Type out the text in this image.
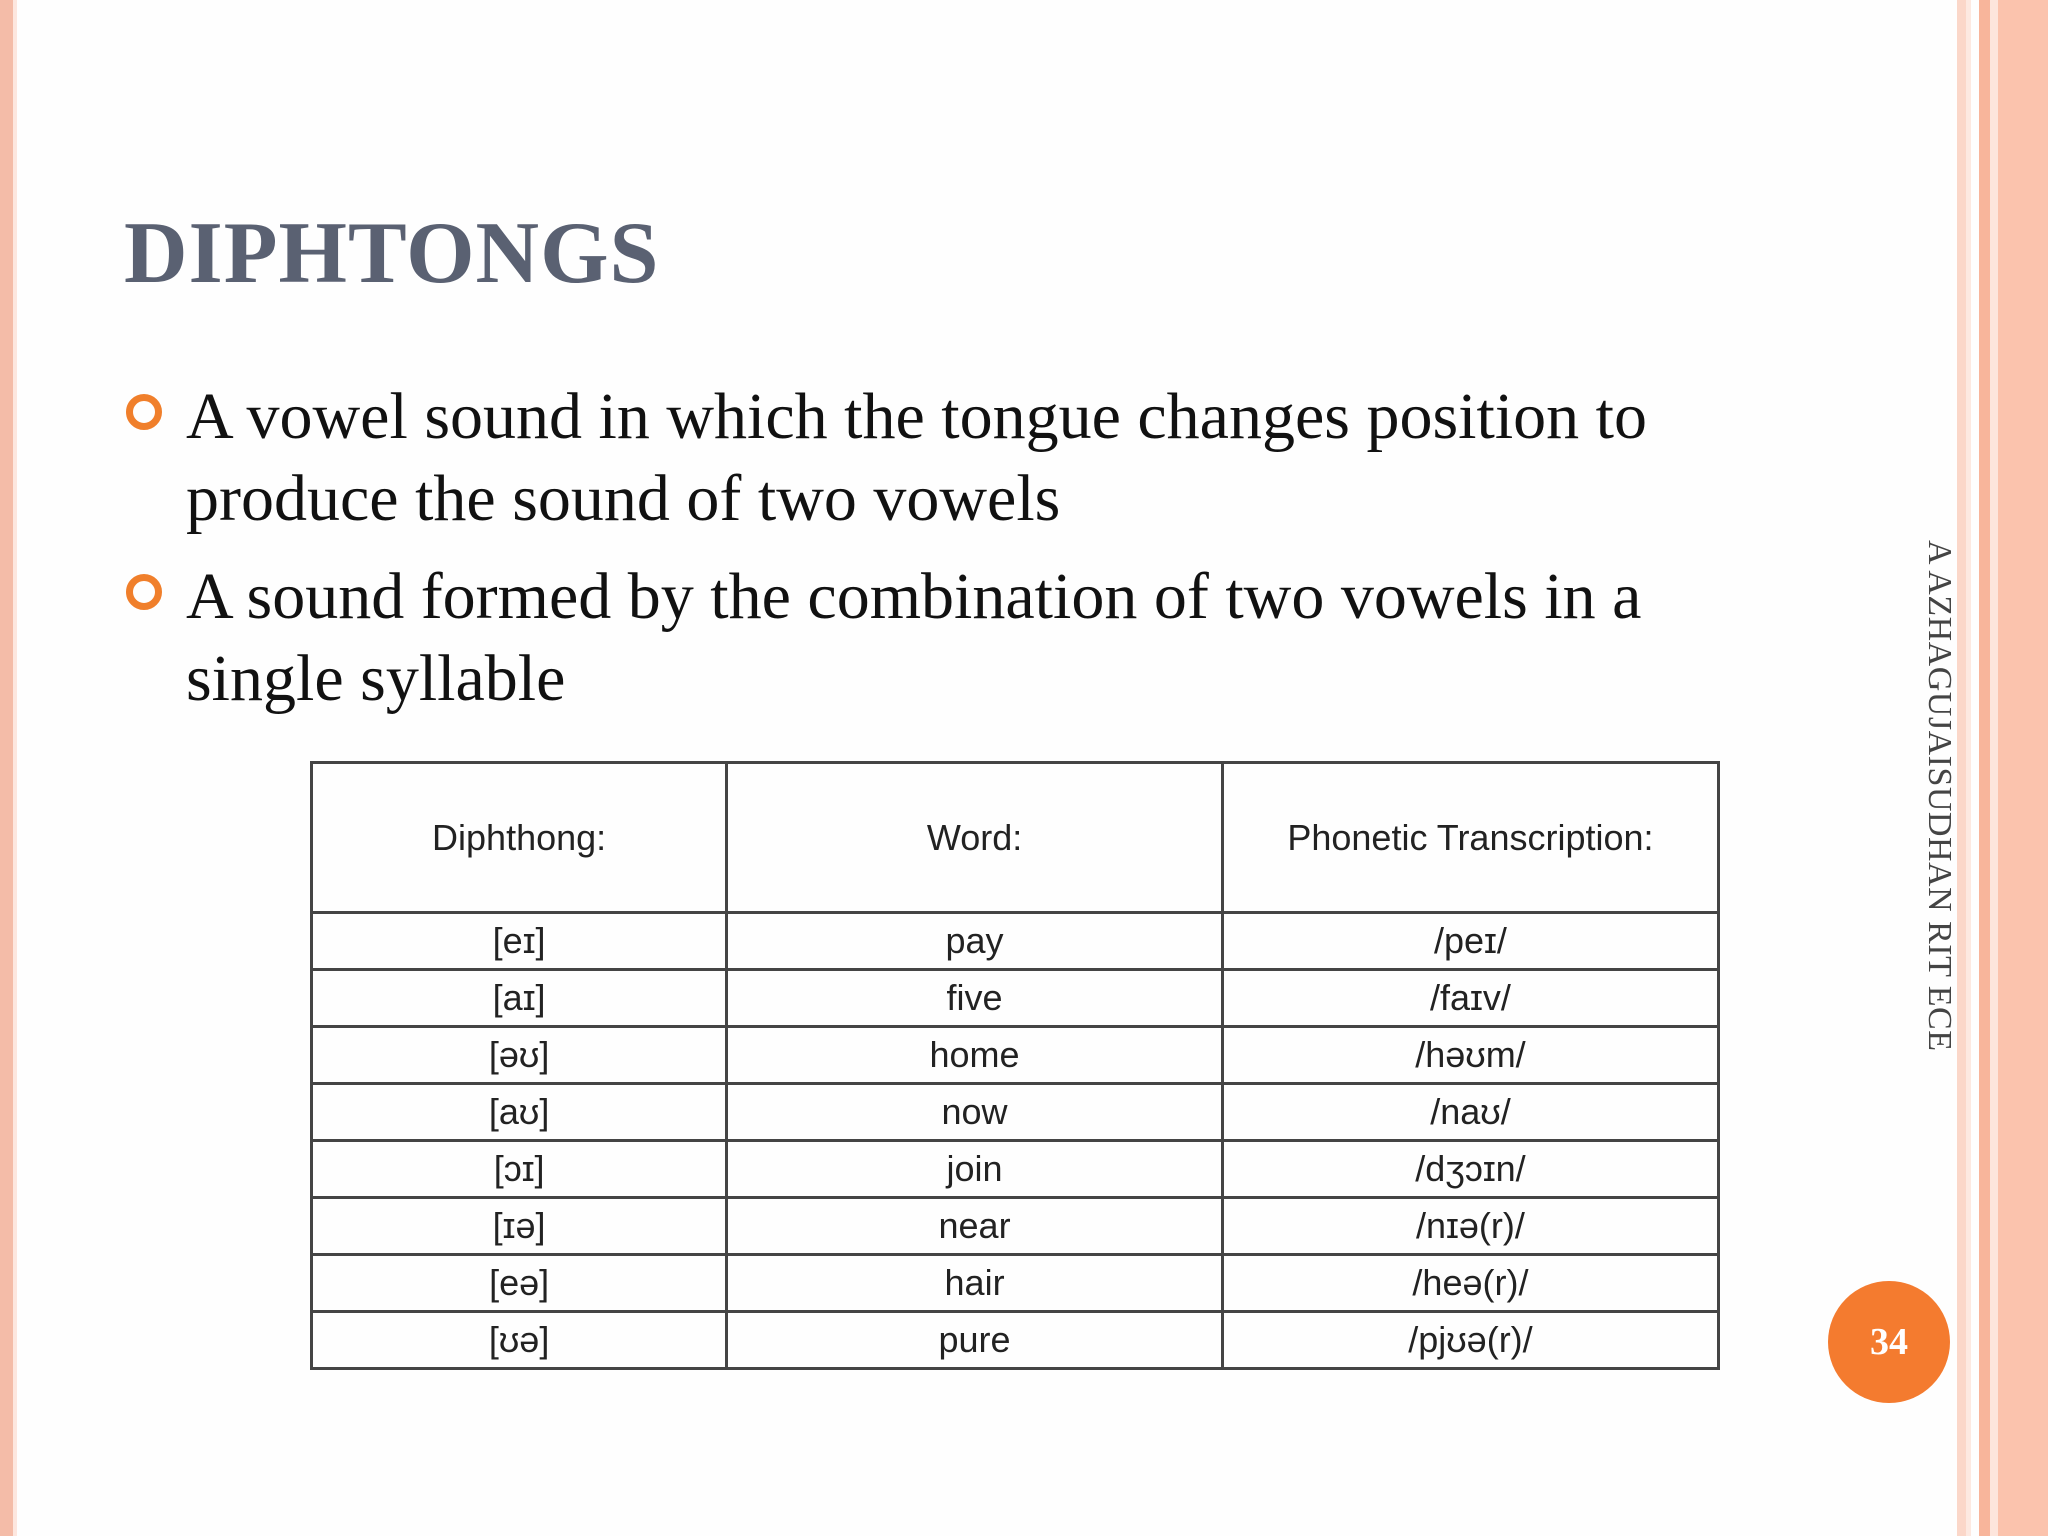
DIPHTONGS
A vowel sound in which the tongue changes position to produce the sound of two vowels
A sound formed by the combination of two vowels in a single syllable
Diphthong:	Word:	Phonetic Transcription:
[eɪ]	pay	/peɪ/
[aɪ]	five	/faɪv/
[əʊ]	home	/həʊm/
[aʊ]	now	/naʊ/
[ɔɪ]	join	/dʒɔɪn/
[ɪə]	near	/nɪə(r)/
[eə]	hair	/heə(r)/
[ʊə]	pure	/pjʊə(r)/
A AZHAGUJAISUDHAN RIT ECE
34
